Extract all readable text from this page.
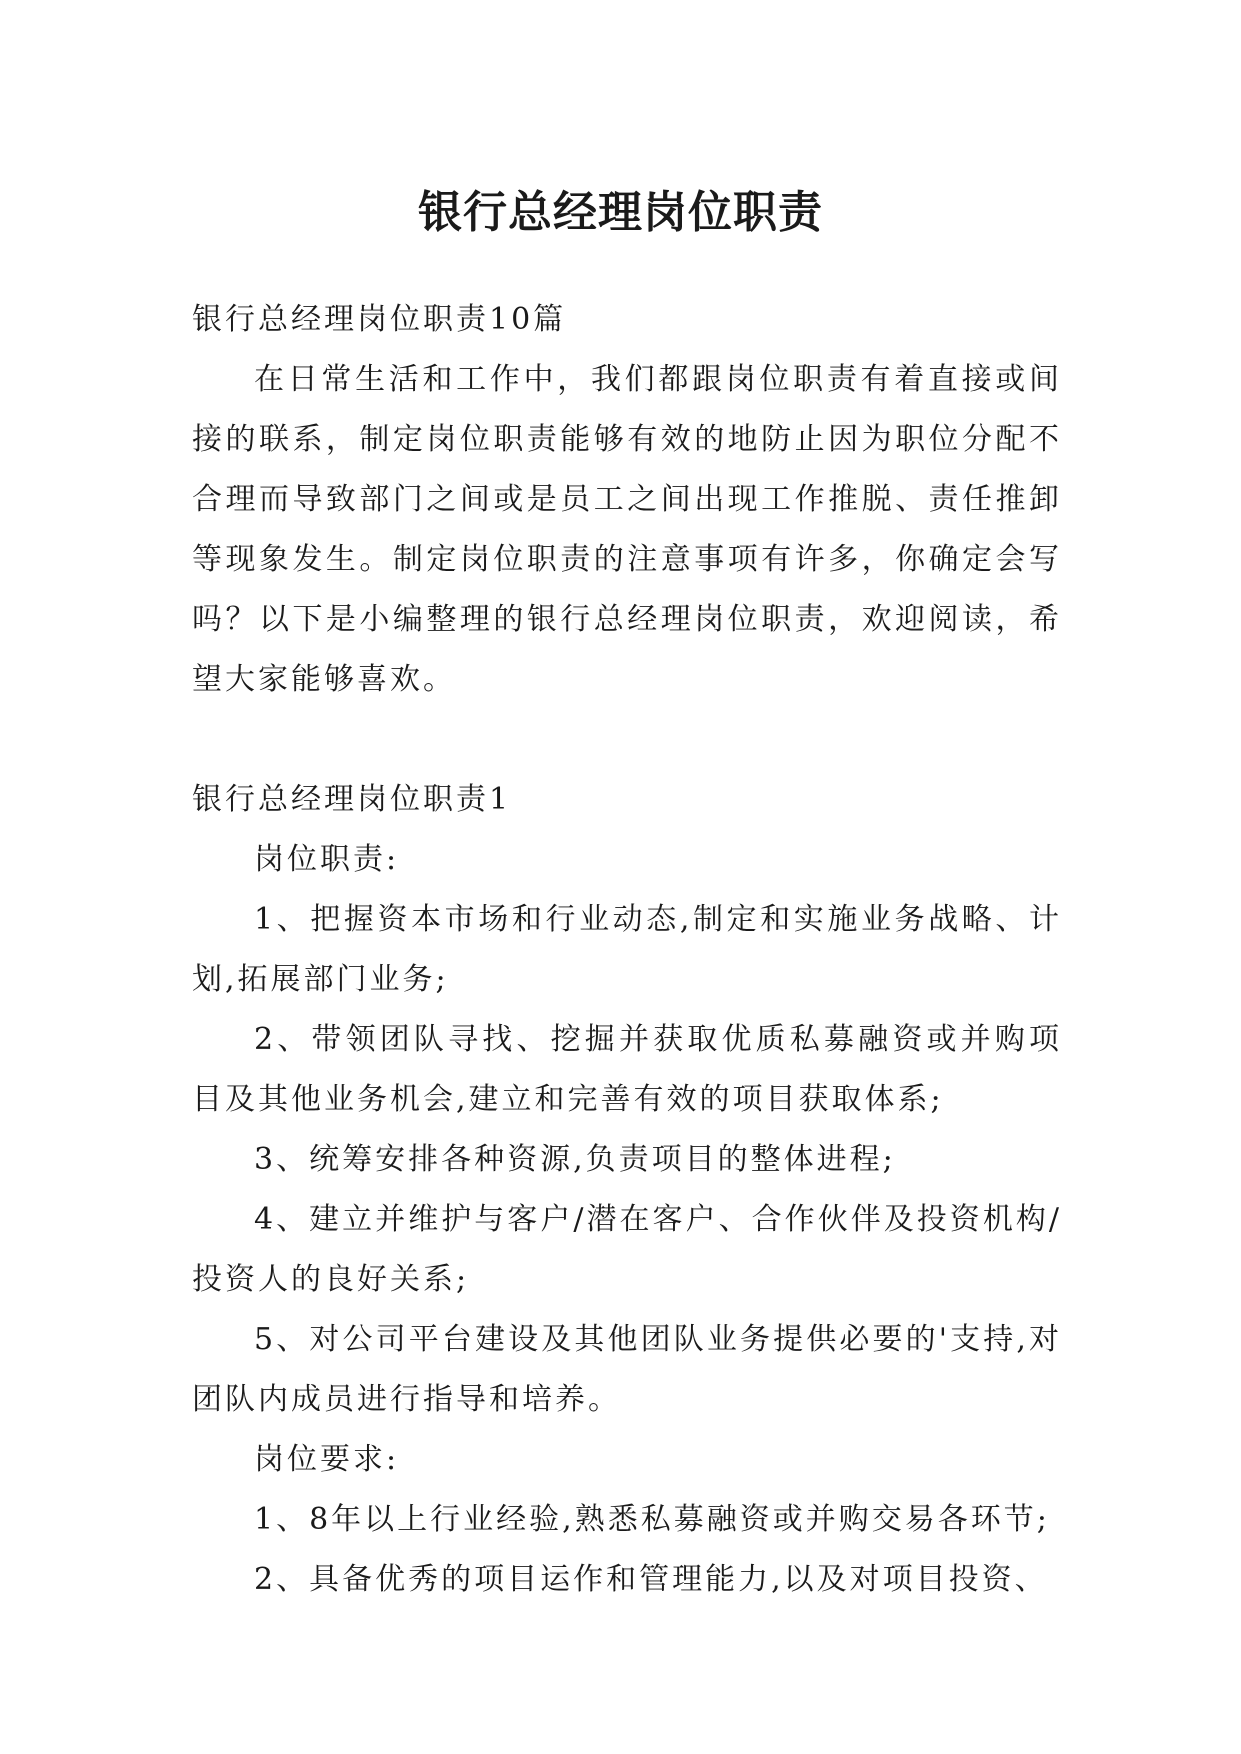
银行总经理岗位职责

银行总经理岗位职责10篇

在日常生活和工作中，我们都跟岗位职责有着直接或间接的联系，制定岗位职责能够有效的地防止因为职位分配不合理而导致部门之间或是员工之间出现工作推脱、责任推卸等现象发生。制定岗位职责的注意事项有许多，你确定会写吗？以下是小编整理的银行总经理岗位职责，欢迎阅读，希望大家能够喜欢。

银行总经理岗位职责1

岗位职责:

1、把握资本市场和行业动态,制定和实施业务战略、计划,拓展部门业务;

2、带领团队寻找、挖掘并获取优质私募融资或并购项目及其他业务机会,建立和完善有效的项目获取体系;

3、统筹安排各种资源,负责项目的整体进程;

4、建立并维护与客户/潜在客户、合作伙伴及投资机构/投资人的良好关系;

5、对公司平台建设及其他团队业务提供必要的'支持,对团队内成员进行指导和培养。

岗位要求:

1、8年以上行业经验,熟悉私募融资或并购交易各环节;

2、具备优秀的项目运作和管理能力,以及对项目投资、
